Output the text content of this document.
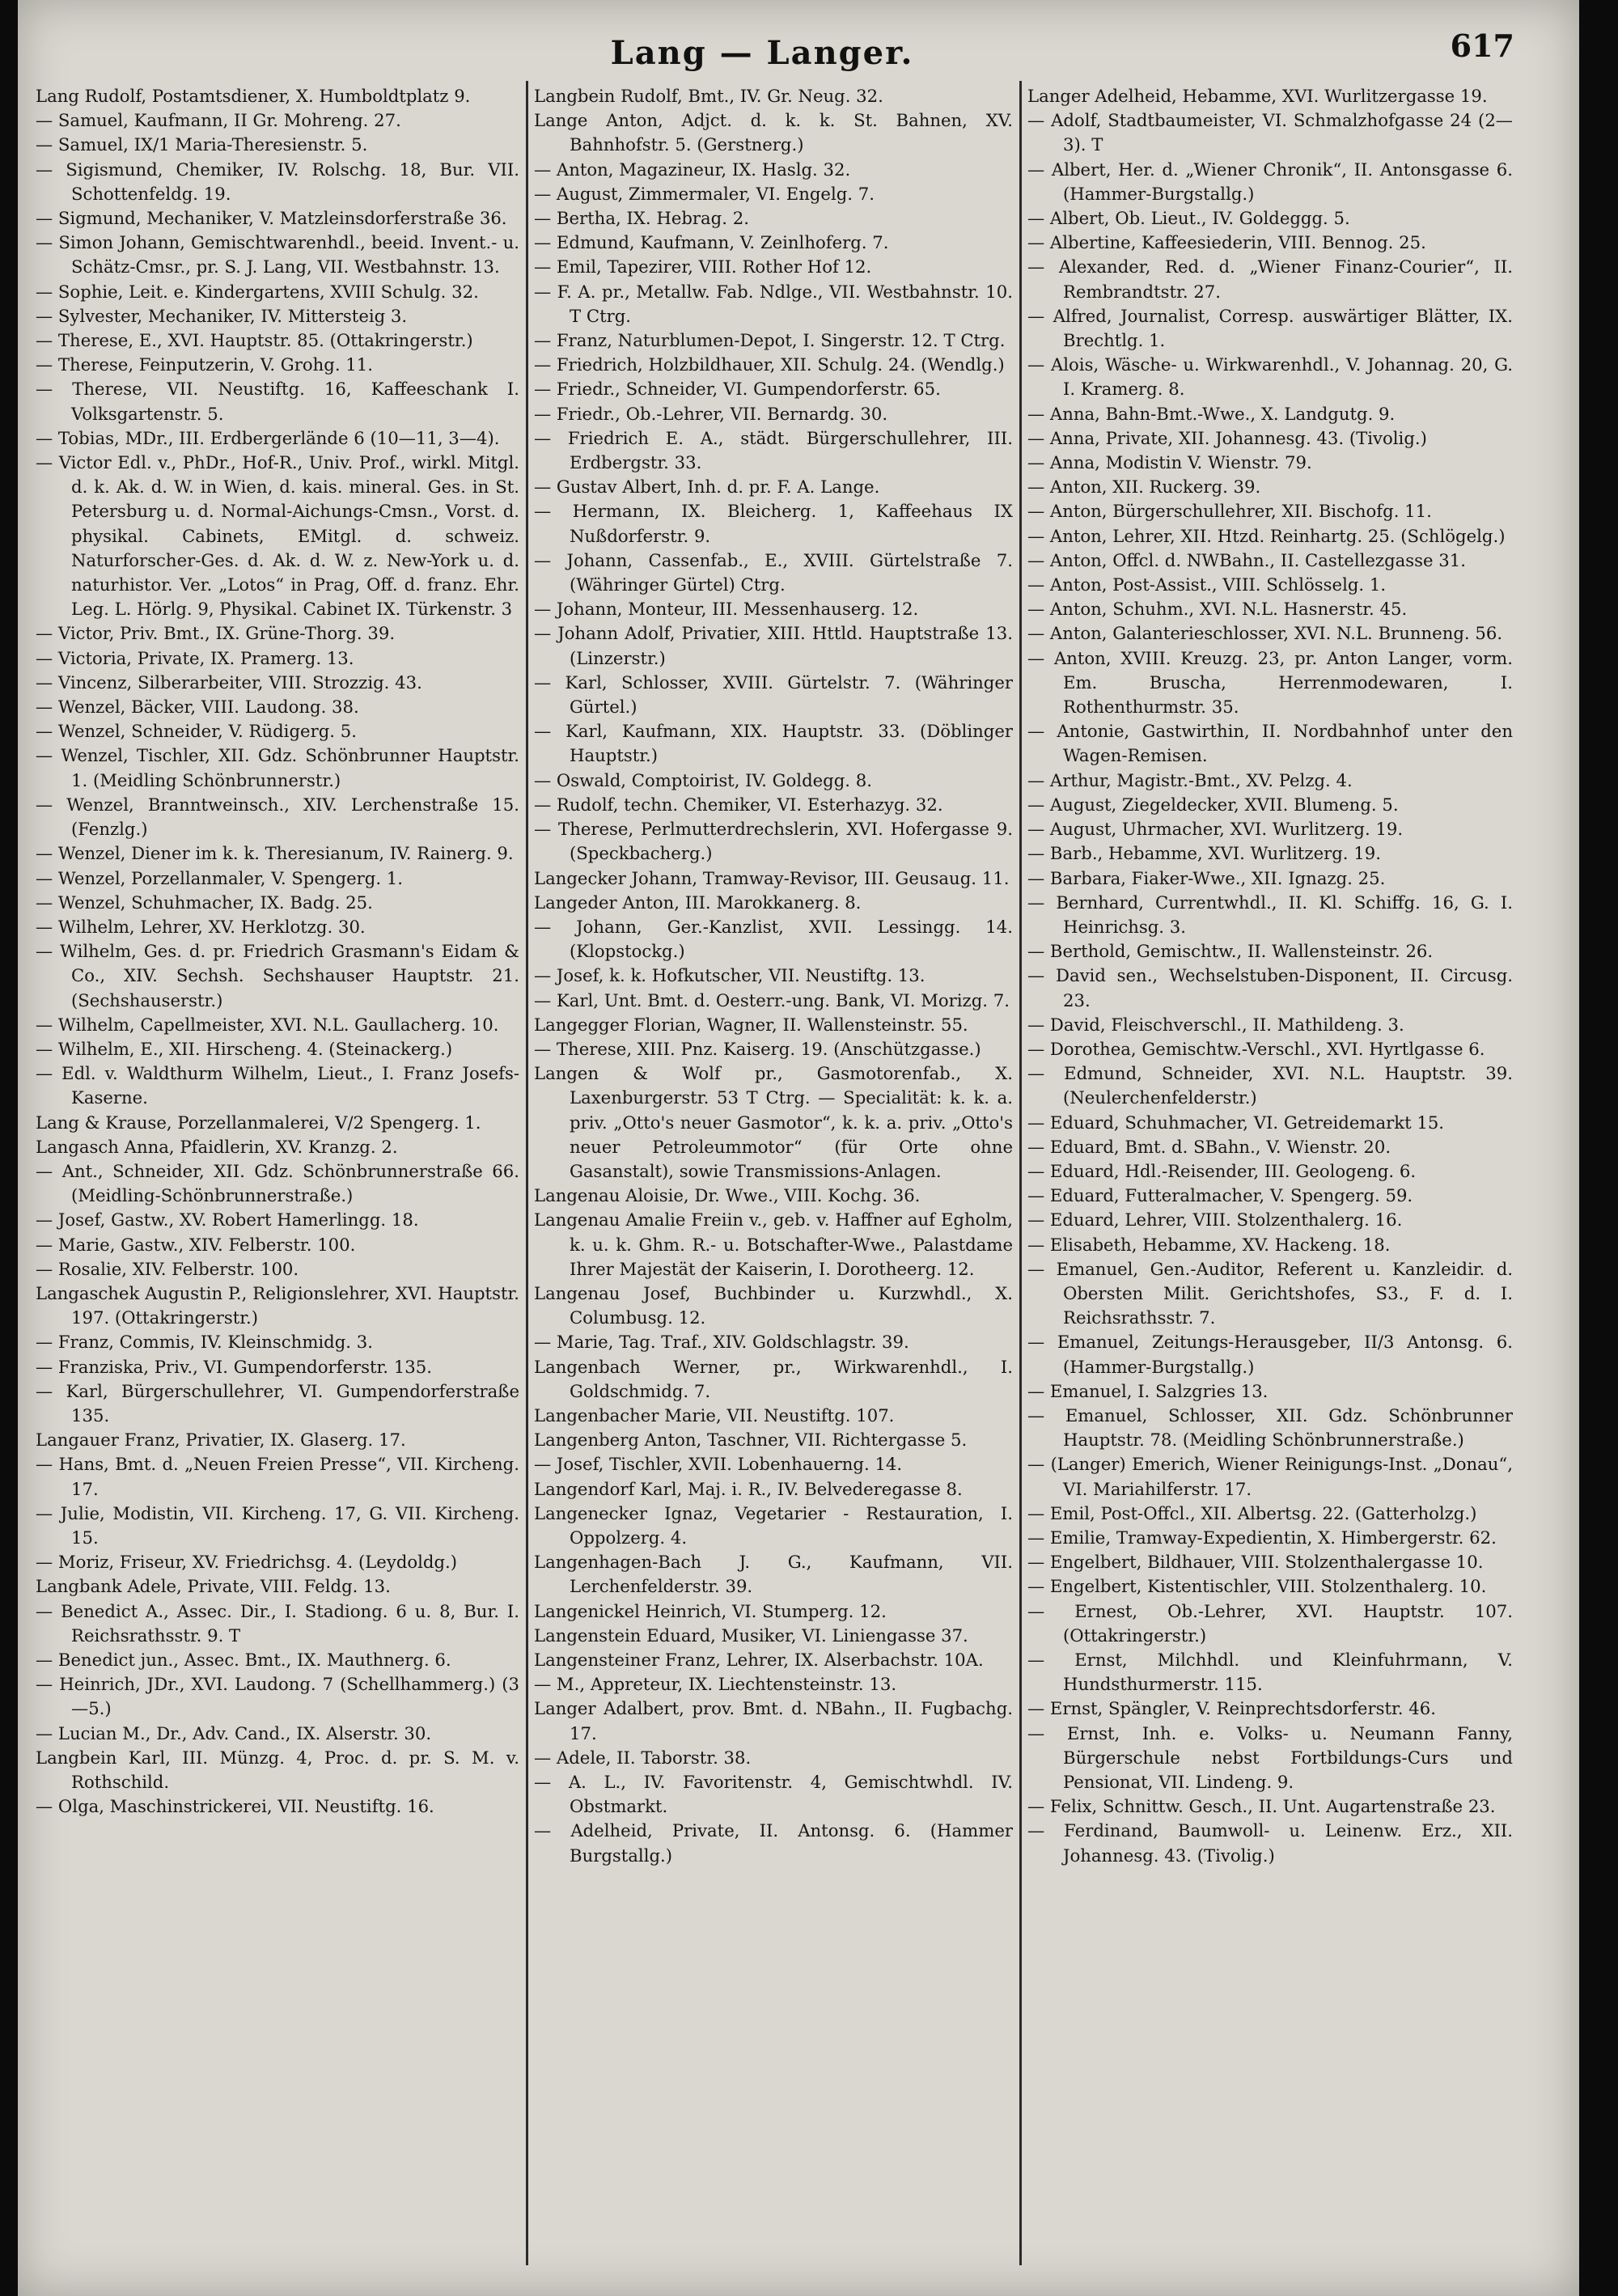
Lang — Langer.	617

Lang Rudolf, Postamtsdiener, X. Humboldtplatz 9.

— Samuel, Kaufmann, II Gr. Mohreng. 27.

— Samuel, IX/1 Maria-Theresienstr. 5.

— Sigismund, Chemiker, IV. Rolschg. 18, Bur. VII. Schottenfeldg. 19.

— Sigmund, Mechaniker, V. Matzleinsdorferstraße 36.

— Simon Johann, Gemischtwarenhdl., beeid. Invent.- u. Schätz-Cmsr., pr. S. J. Lang, VII. Westbahnstr. 13.

— Sophie, Leit. e. Kindergartens, XVIII Schulg. 32.

— Sylvester, Mechaniker, IV. Mittersteig 3.

— Therese, E., XVI. Hauptstr. 85. (Ottakringerstr.)

— Therese, Feinputzerin, V. Grohg. 11.

— Therese, VII. Neustiftg. 16, Kaffeeschank I. Volksgartenstr. 5.

— Tobias, MDr., III. Erdbergerlände 6 (10—11, 3—4).

— Victor Edl. v., PhDr., Hof-R., Univ. Prof., wirkl. Mitgl. d. k. Ak. d. W. in Wien, d. kais. mineral. Ges. in St. Petersburg u. d. Normal-Aichungs-Cmsn., Vorst. d. physikal. Cabinets, EMitgl. d. schweiz. Naturforscher-Ges. d. Ak. d. W. z. New-York u. d. naturhistor. Ver. „Lotos“ in Prag, Off. d. franz. Ehr. Leg. L. Hörlg. 9, Physikal. Cabinet IX. Türkenstr. 3

— Victor, Priv. Bmt., IX. Grüne-Thorg. 39.

— Victoria, Private, IX. Pramerg. 13.

— Vincenz, Silberarbeiter, VIII. Strozzig. 43.

— Wenzel, Bäcker, VIII. Laudong. 38.

— Wenzel, Schneider, V. Rüdigerg. 5.

— Wenzel, Tischler, XII. Gdz. Schönbrunner Hauptstr. 1. (Meidling Schönbrunnerstr.)

— Wenzel, Branntweinsch., XIV. Lerchenstraße 15. (Fenzlg.)

— Wenzel, Diener im k. k. Theresianum, IV. Rainerg. 9.

— Wenzel, Porzellanmaler, V. Spengerg. 1.

— Wenzel, Schuhmacher, IX. Badg. 25.

— Wilhelm, Lehrer, XV. Herklotzg. 30.

— Wilhelm, Ges. d. pr. Friedrich Grasmann's Eidam & Co., XIV. Sechsh. Sechshauser Hauptstr. 21. (Sechshauserstr.)

— Wilhelm, Capellmeister, XVI. N.L. Gaullacherg. 10.

— Wilhelm, E., XII. Hirscheng. 4. (Steinackerg.)

— Edl. v. Waldthurm Wilhelm, Lieut., I. Franz Josefs-Kaserne.

Lang & Krause, Porzellanmalerei, V/2 Spengerg. 1.

Langasch Anna, Pfaidlerin, XV. Kranzg. 2.

— Ant., Schneider, XII. Gdz. Schönbrunnerstraße 66. (Meidling-Schönbrunnerstraße.)

— Josef, Gastw., XV. Robert Hamerlingg. 18.

— Marie, Gastw., XIV. Felberstr. 100.

— Rosalie, XIV. Felberstr. 100.

Langaschek Augustin P., Religionslehrer, XVI. Hauptstr. 197. (Ottakringerstr.)

— Franz, Commis, IV. Kleinschmidg. 3.

— Franziska, Priv., VI. Gumpendorferstr. 135.

— Karl, Bürgerschullehrer, VI. Gumpendorferstraße 135.

Langauer Franz, Privatier, IX. Glaserg. 17.

— Hans, Bmt. d. „Neuen Freien Presse“, VII. Kircheng. 17.

— Julie, Modistin, VII. Kircheng. 17, G. VII. Kircheng. 15.

— Moriz, Friseur, XV. Friedrichsg. 4. (Leydoldg.)

Langbank Adele, Private, VIII. Feldg. 13.

— Benedict A., Assec. Dir., I. Stadiong. 6 u. 8, Bur. I. Reichsrathsstr. 9. T

— Benedict jun., Assec. Bmt., IX. Mauthnerg. 6.

— Heinrich, JDr., XVI. Laudong. 7 (Schellhammerg.) (3—5.)

— Lucian M., Dr., Adv. Cand., IX. Alserstr. 30.

Langbein Karl, III. Münzg. 4, Proc. d. pr. S. M. v. Rothschild.

— Olga, Maschinstrickerei, VII. Neustiftg. 16.

Langbein Rudolf, Bmt., IV. Gr. Neug. 32.

Lange Anton, Adjct. d. k. k. St. Bahnen, XV. Bahnhofstr. 5. (Gerstnerg.)

— Anton, Magazineur, IX. Haslg. 32.

— August, Zimmermaler, VI. Engelg. 7.

— Bertha, IX. Hebrag. 2.

— Edmund, Kaufmann, V. Zeinlhoferg. 7.

— Emil, Tapezirer, VIII. Rother Hof 12.

— F. A. pr., Metallw. Fab. Ndlge., VII. Westbahnstr. 10. T Ctrg.

— Franz, Naturblumen-Depot, I. Singerstr. 12. T Ctrg.

— Friedrich, Holzbildhauer, XII. Schulg. 24. (Wendlg.)

— Friedr., Schneider, VI. Gumpendorferstr. 65.

— Friedr., Ob.-Lehrer, VII. Bernardg. 30.

— Friedrich E. A., städt. Bürgerschullehrer, III. Erdbergstr. 33.

— Gustav Albert, Inh. d. pr. F. A. Lange.

— Hermann, IX. Bleicherg. 1, Kaffeehaus IX Nußdorferstr. 9.

— Johann, Cassenfab., E., XVIII. Gürtelstraße 7. (Währinger Gürtel) Ctrg.

— Johann, Monteur, III. Messenhauserg. 12.

— Johann Adolf, Privatier, XIII. Httld. Hauptstraße 13. (Linzerstr.)

— Karl, Schlosser, XVIII. Gürtelstr. 7. (Währinger Gürtel.)

— Karl, Kaufmann, XIX. Hauptstr. 33. (Döblinger Hauptstr.)

— Oswald, Comptoirist, IV. Goldegg. 8.

— Rudolf, techn. Chemiker, VI. Esterhazyg. 32.

— Therese, Perlmutterdrechslerin, XVI. Hofergasse 9. (Speckbacherg.)

Langecker Johann, Tramway-Revisor, III. Geusaug. 11.

Langeder Anton, III. Marokkanerg. 8.

— Johann, Ger.-Kanzlist, XVII. Lessingg. 14. (Klopstockg.)

— Josef, k. k. Hofkutscher, VII. Neustiftg. 13.

— Karl, Unt. Bmt. d. Oesterr.-ung. Bank, VI. Morizg. 7.

Langegger Florian, Wagner, II. Wallensteinstr. 55.

— Therese, XIII. Pnz. Kaiserg. 19. (Anschützgasse.)

Langen & Wolf pr., Gasmotorenfab., X. Laxenburgerstr. 53 T Ctrg. — Specialität: k. k. a. priv. „Otto's neuer Gasmotor“, k. k. a. priv. „Otto's neuer Petroleummotor“ (für Orte ohne Gasanstalt), sowie Transmissions-Anlagen.

Langenau Aloisie, Dr. Wwe., VIII. Kochg. 36.

Langenau Amalie Freiin v., geb. v. Haffner auf Egholm, k. u. k. Ghm. R.- u. Botschafter-Wwe., Palastdame Ihrer Majestät der Kaiserin, I. Dorotheerg. 12.

Langenau Josef, Buchbinder u. Kurzwhdl., X. Columbusg. 12.

— Marie, Tag. Traf., XIV. Goldschlagstr. 39.

Langenbach Werner, pr., Wirkwarenhdl., I. Goldschmidg. 7.

Langenbacher Marie, VII. Neustiftg. 107.

Langenberg Anton, Taschner, VII. Richtergasse 5.

— Josef, Tischler, XVII. Lobenhauerng. 14.

Langendorf Karl, Maj. i. R., IV. Belvederegasse 8.

Langenecker Ignaz, Vegetarier - Restauration, I. Oppolzerg. 4.

Langenhagen-Bach J. G., Kaufmann, VII. Lerchenfelderstr. 39.

Langenickel Heinrich, VI. Stumperg. 12.

Langenstein Eduard, Musiker, VI. Liniengasse 37.

Langensteiner Franz, Lehrer, IX. Alserbachstr. 10A.

— M., Appreteur, IX. Liechtensteinstr. 13.

Langer Adalbert, prov. Bmt. d. NBahn., II. Fugbachg. 17.

— Adele, II. Taborstr. 38.

— A. L., IV. Favoritenstr. 4, Gemischtwhdl. IV. Obstmarkt.

— Adelheid, Private, II. Antonsg. 6. (Hammer Burgstallg.)

Langer Adelheid, Hebamme, XVI. Wurlitzergasse 19.

— Adolf, Stadtbaumeister, VI. Schmalzhofgasse 24 (2—3). T

— Albert, Her. d. „Wiener Chronik“, II. Antonsgasse 6. (Hammer-Burgstallg.)

— Albert, Ob. Lieut., IV. Goldeggg. 5.

— Albertine, Kaffeesiederin, VIII. Bennog. 25.

— Alexander, Red. d. „Wiener Finanz-Courier“, II. Rembrandtstr. 27.

— Alfred, Journalist, Corresp. auswärtiger Blätter, IX. Brechtlg. 1.

— Alois, Wäsche- u. Wirkwarenhdl., V. Johannag. 20, G. I. Kramerg. 8.

— Anna, Bahn-Bmt.-Wwe., X. Landgutg. 9.

— Anna, Private, XII. Johannesg. 43. (Tivolig.)

— Anna, Modistin V. Wienstr. 79.

— Anton, XII. Ruckerg. 39.

— Anton, Bürgerschullehrer, XII. Bischofg. 11.

— Anton, Lehrer, XII. Htzd. Reinhartg. 25. (Schlögelg.)

— Anton, Offcl. d. NWBahn., II. Castellezgasse 31.

— Anton, Post-Assist., VIII. Schlösselg. 1.

— Anton, Schuhm., XVI. N.L. Hasnerstr. 45.

— Anton, Galanterieschlosser, XVI. N.L. Brunneng. 56.

— Anton, XVIII. Kreuzg. 23, pr. Anton Langer, vorm. Em. Bruscha, Herrenmodewaren, I. Rothenthurmstr. 35.

— Antonie, Gastwirthin, II. Nordbahnhof unter den Wagen-Remisen.

— Arthur, Magistr.-Bmt., XV. Pelzg. 4.

— August, Ziegeldecker, XVII. Blumeng. 5.

— August, Uhrmacher, XVI. Wurlitzerg. 19.

— Barb., Hebamme, XVI. Wurlitzerg. 19.

— Barbara, Fiaker-Wwe., XII. Ignazg. 25.

— Bernhard, Currentwhdl., II. Kl. Schiffg. 16, G. I. Heinrichsg. 3.

— Berthold, Gemischtw., II. Wallensteinstr. 26.

— David sen., Wechselstuben-Disponent, II. Circusg. 23.

— David, Fleischverschl., II. Mathildeng. 3.

— Dorothea, Gemischtw.-Verschl., XVI. Hyrtlgasse 6.

— Edmund, Schneider, XVI. N.L. Hauptstr. 39. (Neulerchenfelderstr.)

— Eduard, Schuhmacher, VI. Getreidemarkt 15.

— Eduard, Bmt. d. SBahn., V. Wienstr. 20.

— Eduard, Hdl.-Reisender, III. Geologeng. 6.

— Eduard, Futteralmacher, V. Spengerg. 59.

— Eduard, Lehrer, VIII. Stolzenthalerg. 16.

— Elisabeth, Hebamme, XV. Hackeng. 18.

— Emanuel, Gen.-Auditor, Referent u. Kanzleidir. d. Obersten Milit. Gerichtshofes, S3., F. d. I. Reichsrathsstr. 7.

— Emanuel, Zeitungs-Herausgeber, II/3 Antonsg. 6. (Hammer-Burgstallg.)

— Emanuel, I. Salzgries 13.

— Emanuel, Schlosser, XII. Gdz. Schönbrunner Hauptstr. 78. (Meidling Schönbrunnerstraße.)

— (Langer) Emerich, Wiener Reinigungs-Inst. „Donau“, VI. Mariahilferstr. 17.

— Emil, Post-Offcl., XII. Albertsg. 22. (Gatterholzg.)

— Emilie, Tramway-Expedientin, X. Himbergerstr. 62.

— Engelbert, Bildhauer, VIII. Stolzenthalergasse 10.

— Engelbert, Kistentischler, VIII. Stolzenthalerg. 10.

— Ernest, Ob.-Lehrer, XVI. Hauptstr. 107. (Ottakringerstr.)

— Ernst, Milchhdl. und Kleinfuhrmann, V. Hundsthurmerstr. 115.

— Ernst, Spängler, V. Reinprechtsdorferstr. 46.

— Ernst, Inh. e. Volks- u. Neumann Fanny, Bürgerschule nebst Fortbildungs-Curs und Pensionat, VII. Lindeng. 9.

— Felix, Schnittw. Gesch., II. Unt. Augartenstraße 23.

— Ferdinand, Baumwoll- u. Leinenw. Erz., XII. Johannesg. 43. (Tivolig.)
